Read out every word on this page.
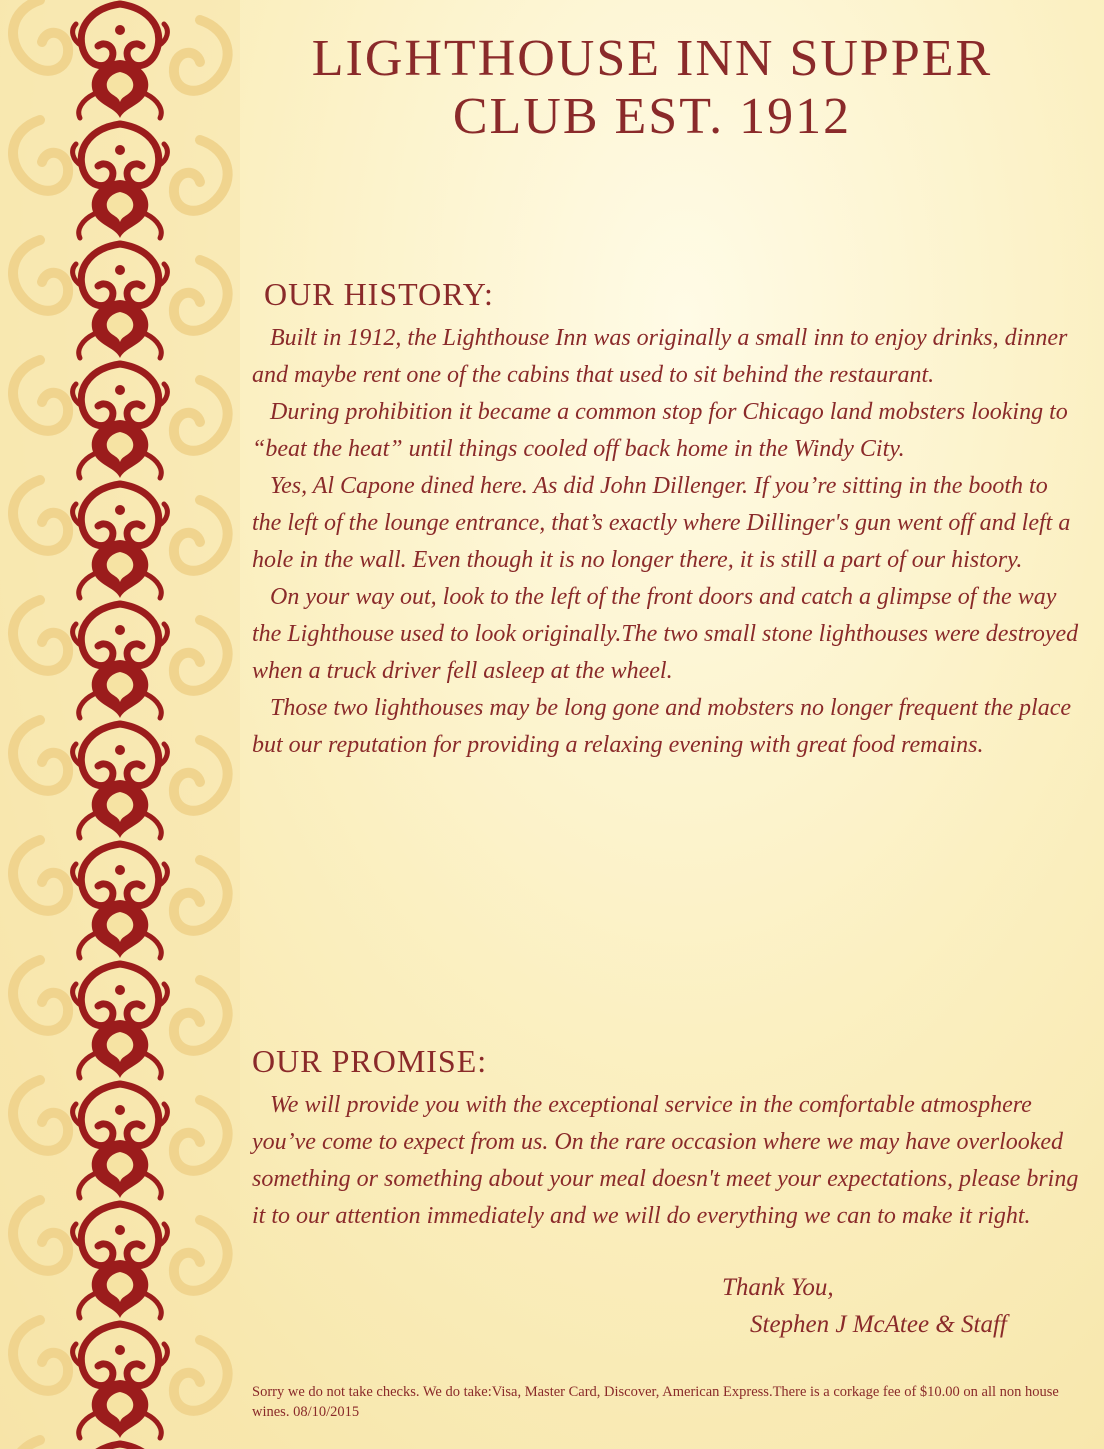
LIGHTHOUSE INN SUPPER
CLUB EST. 1912
OUR HISTORY:

Built in 1912, the Lighthouse Inn was originally a small inn to enjoy drinks, dinner and maybe rent one of the cabins that used to sit behind the restaurant.

During prohibition it became a common stop for Chicago land mobsters looking to “beat the heat” until things cooled off back home in the Windy City.

Yes, Al Capone dined here. As did John Dillenger. If you’re sitting in the booth to the left of the lounge entrance, that’s exactly where Dillinger's gun went off and left a hole in the wall. Even though it is no longer there, it is still a part of our history.

On your way out, look to the left of the front doors and catch a glimpse of the way the Lighthouse used to look originally.The two small stone lighthouses were destroyed when a truck driver fell asleep at the wheel.

Those two lighthouses may be long gone and mobsters no longer frequent the place but our reputation for providing a relaxing evening with great food remains.

OUR PROMISE:

We will provide you with the exceptional service in the comfortable atmosphere you’ve come to expect from us. On the rare occasion where we may have overlooked something or something about your meal doesn't meet your expectations, please bring it to our attention immediately and we will do everything we can to make it right.

Thank You,
Stephen J McAtee & Staff
Sorry we do not take checks. We do take:Visa, Master Card, Discover, American Express.There is a corkage fee of $10.00 on all non house wines. 08/10/2015
